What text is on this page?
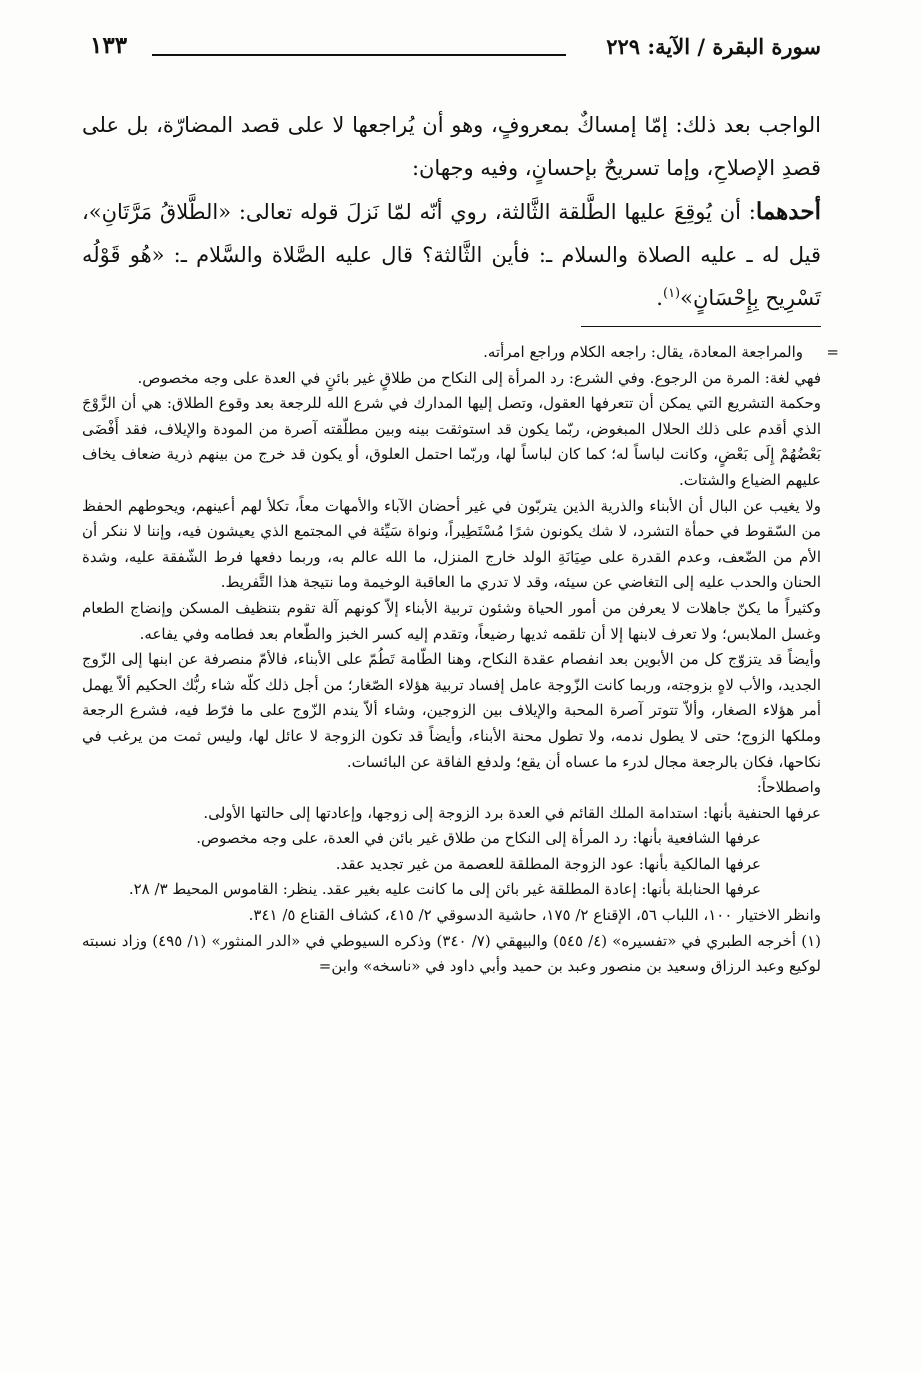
سورة البقرة / الآية: ٢٢٩
١٣٣

الواجب بعد ذلك: إمّا إمساكٌ بمعروفٍ، وهو أن يُراجعها لا على قصد المضارّة، بل على قصدِ الإصلاحِ، وإما تسريحٌ بإحسانٍ، وفيه وجهان:

أحدهما: أن يُوقِعَ عليها الطَّلقة الثَّالثة، روي أنّه لمّا نَزلَ قوله تعالى: «الطَّلاقُ مَرَّتَانِ»، قيل له ـ عليه الصلاة والسلام ـ: فأين الثَّالثة؟ قال عليه الصَّلاة والسَّلام ـ: «هُو قَوْلُه تَسْرِيح بِإِحْسَانٍ»$^{(١)}$.

=
والمراجعة المعادة، يقال: راجعه الكلام وراجع امرأته.

فهي لغة: المرة من الرجوع. وفي الشرع: رد المرأة إلى النكاح من طلاقٍ غير بائنٍ في العدة على وجه مخصوص.

وحكمة التشريع التي يمكن أن تتعرفها العقول، وتصل إليها المدارك في شرع الله للرجعة بعد وقوع الطلاق: هي أن الزَّوْجَ الذي أقدم على ذلك الحلال المبغوض، ربّما يكون قد استوثقت بينه وبين مطلّقته آصرة من المودة والإيلاف، فقد أَفْضَى بَعْضُهُمْ إِلَى بَعْضٍ، وكانت لباساً له؛ كما كان لباساً لها، وربّما احتمل العلوق، أو يكون قد خرج من بينهم ذرية ضعاف يخاف عليهم الضياع والشتات.

ولا يغيب عن البال أن الأبناء والذرية الذين يتربّون في غير أحضان الآباء والأمهات معاً، تكلأ لهم أعينهم، ويحوطهم الحفظ من السّقوط في حمأة التشرد، لا شك يكونون شرًا مُسْتَطِيراً، ونواة سَيِّئة في المجتمع الذي يعيشون فيه، وإننا لا ننكر أن الأم من الضّعف، وعدم القدرة على صِيَانَةِ الولد خارج المنزل، ما الله عالم به، وربما دفعها فرط الشّفقة عليه، وشدة الحنان والحدب عليه إلى التغاضي عن سيئه، وقد لا تدري ما العاقبة الوخيمة وما نتيجة هذا التَّفريط.

وكثيراً ما يكنّ جاهلات لا يعرفن من أمور الحياة وشئون تربية الأبناء إلاّ كونهم آلة تقوم بتنظيف المسكن وإنضاج الطعام وغسل الملابس؛ ولا تعرف لابنها إلا أن تلقمه ثديها رضيعاً، وتقدم إليه كسر الخبز والطّعام بعد فطامه وفي يفاعه.

وأيضاً قد يتزوّج كل من الأبوين بعد انفصام عقدة النكاح، وهنا الطّامة تَطُمّ على الأبناء، فالأمّ منصرفة عن ابنها إلى الزّوج الجديد، والأب لاهٍ بزوجته، وربما كانت الزّوجة عامل إفساد تربية هؤلاء الصّغار؛ من أجل ذلك كلّه شاء ربُّك الحكيم ألاّ يهمل أمر هؤلاء الصغار، وألاّ تتوتر آصرة المحبة والإيلاف بين الزوجين، وشاء ألاّ يندم الزّوج على ما فرّط فيه، فشرع الرجعة وملكها الزوج؛ حتى لا يطول ندمه، ولا تطول محنة الأبناء، وأيضاً قد تكون الزوجة لا عائل لها، وليس ثمت من يرغب في نكاحها، فكان بالرجعة مجال لدرء ما عساه أن يقع؛ ولدفع الفاقة عن البائسات.

واصطلاحاً:

عرفها الحنفية بأنها: استدامة الملك القائم في العدة برد الزوجة إلى زوجها، وإعادتها إلى حالتها الأولى.

عرفها الشافعية بأنها: رد المرأة إلى النكاح من طلاق غير بائن في العدة، على وجه مخصوص.

عرفها المالكية بأنها: عود الزوجة المطلقة للعصمة من غير تجديد عقد.

عرفها الحنابلة بأنها: إعادة المطلقة غير بائن إلى ما كانت عليه بغير عقد. ينظر: القاموس المحيط ٣/ ٢٨.

وانظر الاختيار ١٠٠، اللباب ٥٦، الإقناع ٢/ ١٧٥، حاشية الدسوقي ٢/ ٤١٥، كشاف القناع ٥/ ٣٤١.

(١) أخرجه الطبري في «تفسيره» (٤/ ٥٤٥) والبيهقي (٧/ ٣٤٠) وذكره السيوطي في «الدر المنثور» (١/ ٤٩٥) وزاد نسبته لوكيع وعبد الرزاق وسعيد بن منصور وعبد بن حميد وأبي داود في «ناسخه» وابن=
